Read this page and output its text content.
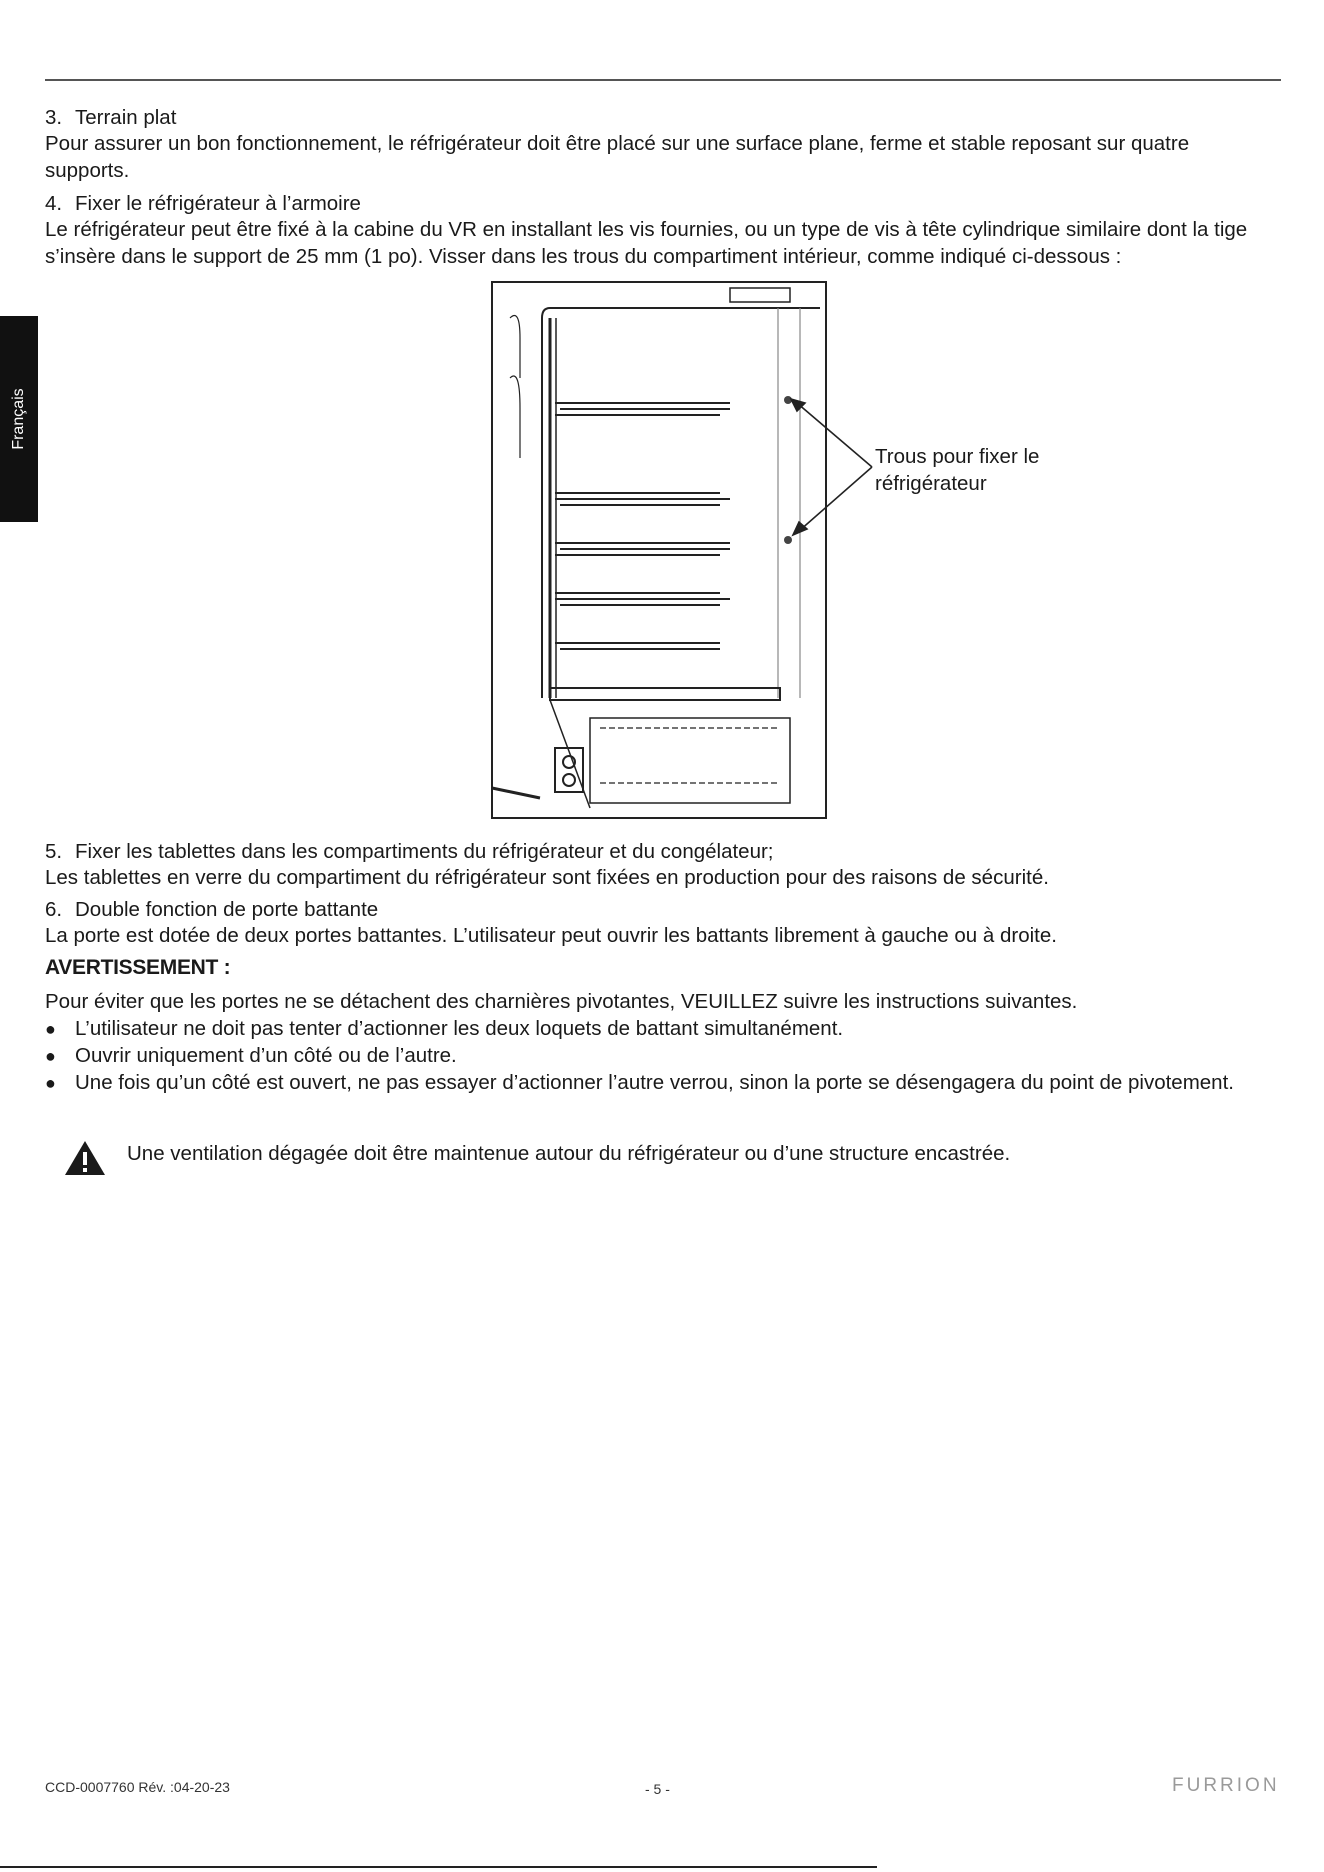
Français
3. Terrain plat
Pour assurer un bon fonctionnement, le réfrigérateur doit être placé sur une surface plane, ferme et stable reposant sur quatre supports.
4. Fixer le réfrigérateur à l’armoire
Le réfrigérateur peut être fixé à la cabine du VR en installant les vis fournies, ou un type de vis à tête cylindrique similaire dont la tige s’insère dans le support de 25 mm (1 po). Visser dans les trous du compartiment intérieur, comme indiqué ci-dessous :
Trous pour fixer le
réfrigérateur
5. Fixer les tablettes dans les compartiments du réfrigérateur et du congélateur;
Les tablettes en verre du compartiment du réfrigérateur sont fixées en production pour des raisons de sécurité.
6. Double fonction de porte battante
La porte est dotée de deux portes battantes. L’utilisateur peut ouvrir les battants librement à gauche ou à droite.
AVERTISSEMENT :
Pour éviter que les portes ne se détachent des charnières pivotantes, VEUILLEZ suivre les instructions suivantes.
● L’utilisateur ne doit pas tenter d’actionner les deux loquets de battant simultanément.
● Ouvrir uniquement d’un côté ou de l’autre.
● Une fois qu’un côté est ouvert, ne pas essayer d’actionner l’autre verrou, sinon la porte se désengagera du point de pivotement.
Une ventilation dégagée doit être maintenue autour du réfrigérateur ou d’une structure encastrée.
CCD-0007760 Rév. :04-20-23	- 5 -	FURRION
